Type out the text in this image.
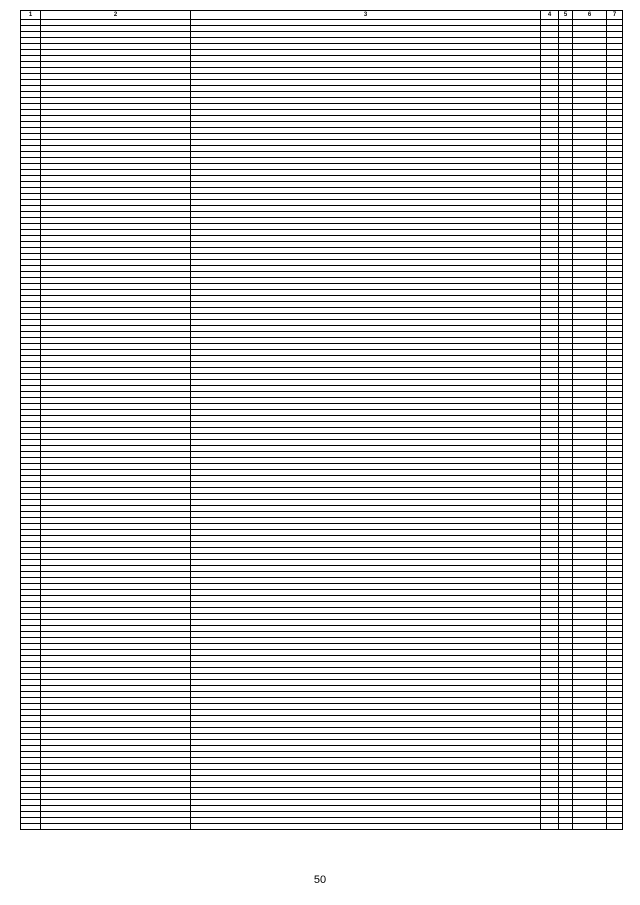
1	2	3	4	5	6	7

50
